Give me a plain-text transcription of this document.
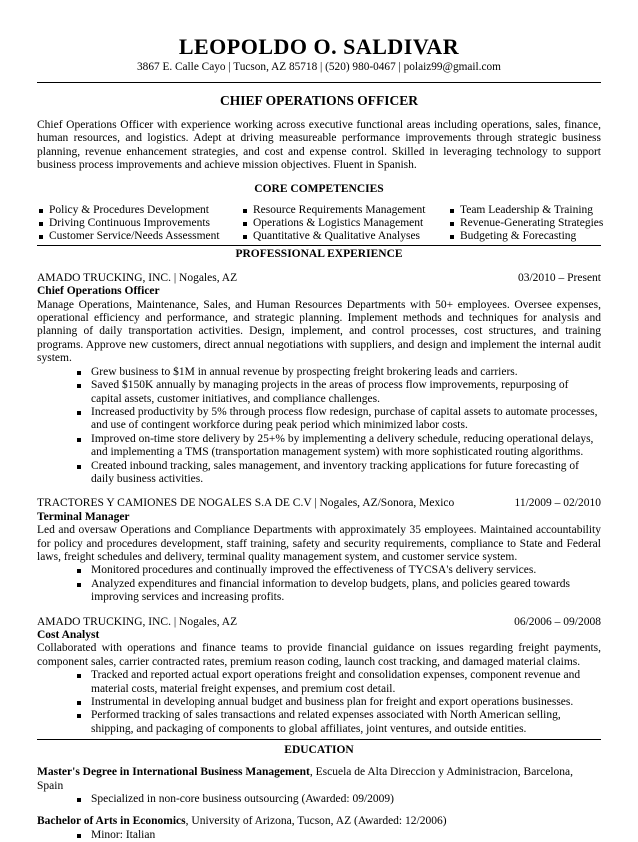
LEOPOLDO O. SALDIVAR
3867 E. Calle Cayo | Tucson, AZ 85718 | (520) 980-0467 | polaiz99@gmail.com
CHIEF OPERATIONS OFFICER
Chief Operations Officer with experience working across executive functional areas including operations, sales, finance, human resources, and logistics. Adept at driving measureable performance improvements through strategic business planning, revenue enhancement strategies, and cost and expense control. Skilled in leveraging technology to support business process improvements and achieve mission objectives. Fluent in Spanish.
CORE COMPETENCIES
Policy & Procedures Development
Driving Continuous Improvements
Customer Service/Needs Assessment
Resource Requirements Management
Operations & Logistics Management
Quantitative & Qualitative Analyses
Team Leadership & Training
Revenue-Generating Strategies
Budgeting & Forecasting
PROFESSIONAL EXPERIENCE
AMADO TRUCKING, INC. | Nogales, AZ	03/2010 – Present
Chief Operations Officer
Manage Operations, Maintenance, Sales, and Human Resources Departments with 50+ employees. Oversee expenses, operational efficiency and performance, and strategic planning. Implement methods and techniques for analysis and planning of daily transportation activities. Design, implement, and control processes, cost structures, and training programs. Approve new customers, direct annual negotiations with suppliers, and design and implement the internal audit system.
Grew business to $1M in annual revenue by prospecting freight brokering leads and carriers.
Saved $150K annually by managing projects in the areas of process flow improvements, repurposing of capital assets, customer initiatives, and compliance challenges.
Increased productivity by 5% through process flow redesign, purchase of capital assets to automate processes, and use of contingent workforce during peak period which minimized labor costs.
Improved on-time store delivery by 25+% by implementing a delivery schedule, reducing operational delays, and implementing a TMS (transportation management system) with more sophisticated routing algorithms.
Created inbound tracking, sales management, and inventory tracking applications for future forecasting of daily business activities.
TRACTORES Y CAMIONES DE NOGALES S.A DE C.V | Nogales, AZ/Sonora, Mexico	11/2009 – 02/2010
Terminal Manager
Led and oversaw Operations and Compliance Departments with approximately 35 employees. Maintained accountability for policy and procedures development, staff training, safety and security requirements, compliance to State and Federal laws, freight schedules and delivery, terminal quality management system, and customer service system.
Monitored procedures and continually improved the effectiveness of TYCSA's delivery services.
Analyzed expenditures and financial information to develop budgets, plans, and policies geared towards improving services and increasing profits.
AMADO TRUCKING, INC. | Nogales, AZ	06/2006 – 09/2008
Cost Analyst
Collaborated with operations and finance teams to provide financial guidance on issues regarding freight payments, component sales, carrier contracted rates, premium reason coding, launch cost tracking, and damaged material claims.
Tracked and reported actual export operations freight and consolidation expenses, component revenue and material costs, material freight expenses, and premium cost detail.
Instrumental in developing annual budget and business plan for freight and export operations businesses.
Performed tracking of sales transactions and related expenses associated with North American selling, shipping, and packaging of components to global affiliates, joint ventures, and outside entities.
EDUCATION
Master's Degree in International Business Management, Escuela de Alta Direccion y Administracion, Barcelona, Spain
Specialized in non-core business outsourcing (Awarded: 09/2009)
Bachelor of Arts in Economics, University of Arizona, Tucson, AZ (Awarded: 12/2006)
Minor: Italian
